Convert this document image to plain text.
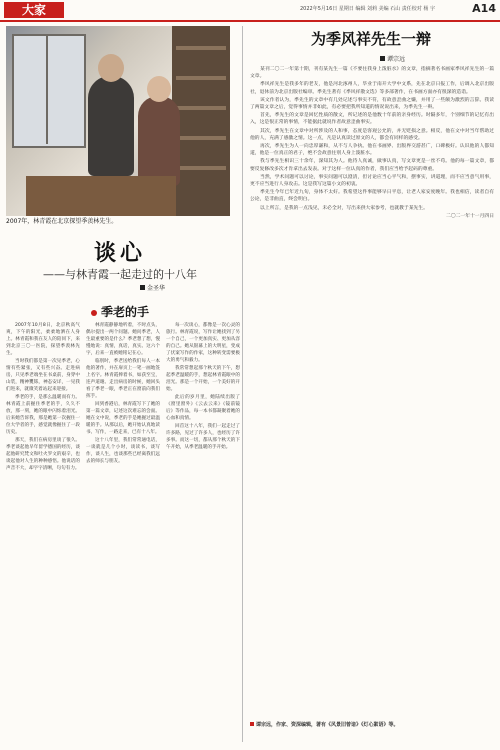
大家	2022年5月16日 星期日 编辑 刘莉 美编 石山 责任校对 杨 宇	A14
2007年，林青霞在北京探望季羡林先生。
谈心
——与林青霞一起走过的十八年
金圣华
季老的手

2007年10月8日，北京秋高气爽，下午的阳光，柔柔地洒在人身上。林青霞和我在友人的陪同下，来到北京三〇一医院，探望季羡林先生。

当时我们都是第一次见季老，心情有些紧张，又有些兴奋。走进病房，只见季老端坐在书桌前，身穿中山装，精神矍铄，神态安详，一见我们进来，就微笑着站起来迎接。

季老的手，是那么温暖而有力。林青霞上前握住季老的手，久久不放，那一刻，她的眼中闪烁着泪光。后来她告诉我，那是她第一次握住一位大学者的手，感觉就像握住了一段历史。

那天，我们在病房里谈了很久。季老谈起他早年留学德国的经历，谈起他研究梵文和吐火罗文的艰辛，也谈起他对人生的种种感悟。他说话的声音不大，却字字清晰，句句有力。

林青霞静静地听着，不时点头，偶尔提出一两个问题。她问季老，人生最重要的是什么？季老想了想，慢慢地说：真情，真话，真实。这六个字，后来一直被她铭记在心。

临别时，季老送给我们每人一本他的著作，并在扉页上一笔一画地签上名字。林青霞捧着书，如获至宝，连声道谢。走出病房的时候，她回头看了季老一眼，季老正在窗前向我们挥手。

回到香港后，林青霞写下了她的第一篇文章，记述这次难忘的会面。她在文中说，季老的手是她握过最温暖的手。从那以后，她开始认真地读书、写作，一路走来，已有十八年。

这十八年里，我们常常通电话，一谈就是几个小时，谈读书，谈写作，谈人生，也谈那些已经离我们远去的师长与朋友。

每一次谈心，都像是一次心灵的旅行。林青霞说，写作让她找到了另一个自己，一个更加真实、更加从容的自己。她从银幕上的大明星，变成了伏案写作的作家，这种转变需要极大的勇气和毅力。

我常常想起那个秋天的下午，想起季老温暖的手，想起林青霞眼中的泪光。那是一个开始，一个美好的开始。

此后的岁月里，她陆续出版了《窗里窗外》《云去云来》《镜前镜后》等作品，每一本书都凝聚着她的心血和真情。

回首这十八年，我们一起走过了许多路，见过了许多人，也经历了许多事。而这一切，都从那个秋天的下午开始，从季老温暖的手开始。

为季风祥先生一辩
谭宗远

某刊二〇二一年第十期，刊有某先生一篇《不要往我身上泼脏水》的文章，指摘著名书画家季风祥先生的一篇文章。

季风祥先生是我多年的老友，他是河北涿州人，毕业于南开大学中文系，先在北京日报工作，后调入北京出版社，退休前为北京出版社编审。季先生著有《季风祥散文选》等多部著作，在书画方面亦有很深的造诣。

该文作者认为，季先生的文章中有几处记述与事实不符，有故意歪曲之嫌，并用了一些颇为激烈的言辞。我读了两篇文章之后，觉得事情并非如此，有必要把我所知道的情况说出来，为季先生一辩。

首先，季先生的文章是回忆性质的散文，所记述的是他数十年前的亲身经历。时隔多年，个别细节的记忆有出入，这是很正常的事情，不能据此就说作者故意歪曲事实。

其次，季先生在文章中对所涉及的人和事，态度是客观公允的，并无贬损之意。相反，他在文中对当年帮助过他的人，充满了感激之情。这一点，凡是认真读过原文的人，都会有同样的感受。

再次，季先生为人一向忠厚谦和，从不与人争执。他在书画界、出版界交游甚广，口碑极好。认识他的人都知道，他是一位真正的君子，绝不会故意往别人身上泼脏水。

我与季先生相识三十余年，深知其为人。他待人真诚，做事认真，写文章更是一丝不苟。他的每一篇文章，都要反复修改多次才肯拿出去发表。对于这样一位认真的作者，我们应当给予起码的尊重。

当然，学术问题可以讨论，事实问题可以澄清，但讨论应当心平气和，摆事实，讲道理，而不应当意气用事，更不应当进行人身攻击。这是我写这篇小文的初衷。

季先生今年已年近九旬，身体不太好。我希望这件事能够早日平息，让老人家安度晚年。我也相信，读者自有公论，是非曲直，终会明白。

以上所言，是我的一点浅见，未必全对，写出来供大家参考，也就教于某先生。

二〇二一年十一月四日

谭宗远，作家、资深编辑，著有《风景旧曾谙》《灯心絮语》等。
